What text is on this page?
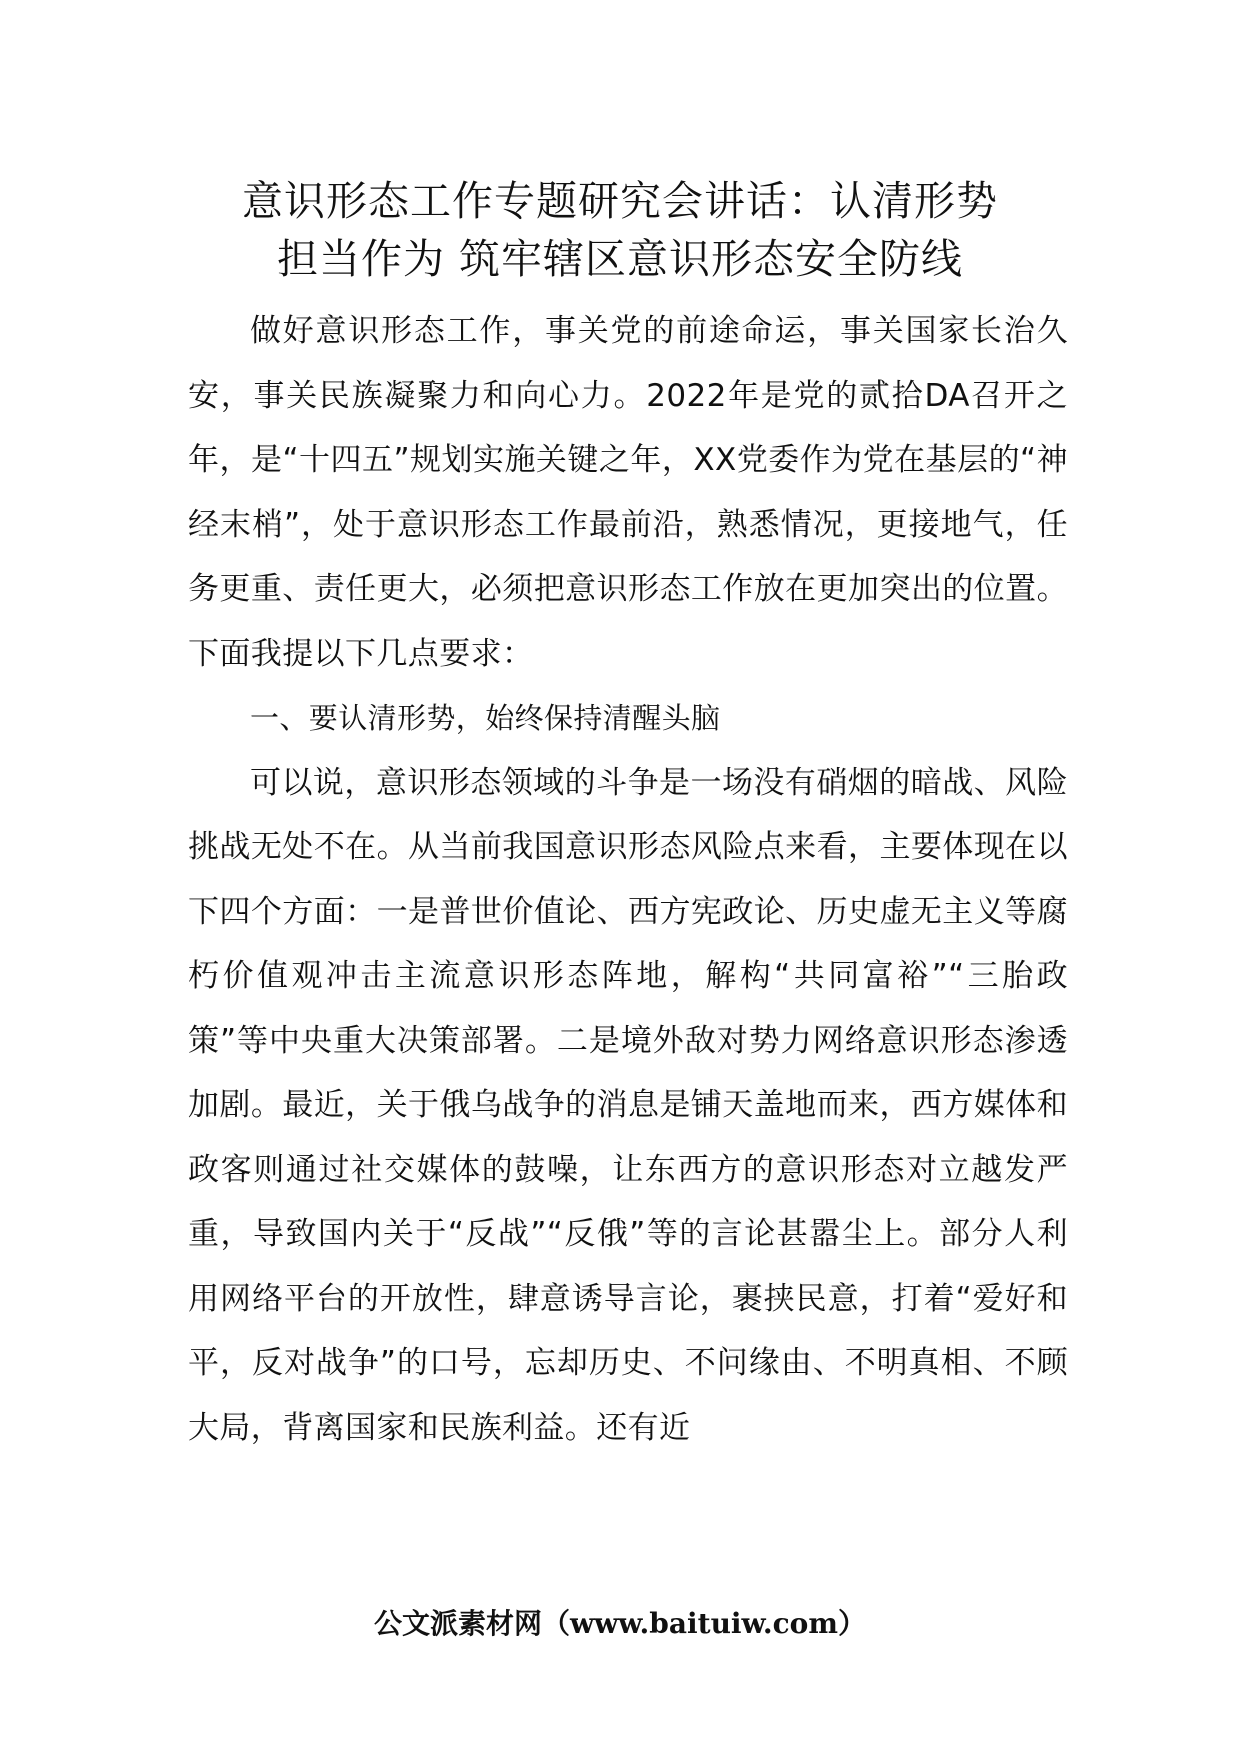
意识形态工作专题研究会讲话：认清形势
担当作为 筑牢辖区意识形态安全防线

做好意识形态工作，事关党的前途命运，事关国家长治久安，事关民族凝聚力和向心力。2022年是党的贰拾DA召开之年，是“十四五”规划实施关键之年，XX党委作为党在基层的“神经末梢”，处于意识形态工作最前沿，熟悉情况，更接地气，任务更重、责任更大，必须把意识形态工作放在更加突出的位置。下面我提以下几点要求：

一、要认清形势，始终保持清醒头脑

可以说，意识形态领域的斗争是一场没有硝烟的暗战、风险挑战无处不在。从当前我国意识形态风险点来看，主要体现在以下四个方面：一是普世价值论、西方宪政论、历史虚无主义等腐朽价值观冲击主流意识形态阵地，解构“共同富裕”“三胎政策”等中央重大决策部署。二是境外敌对势力网络意识形态渗透加剧。最近，关于俄乌战争的消息是铺天盖地而来，西方媒体和政客则通过社交媒体的鼓噪，让东西方的意识形态对立越发严重，导致国内关于“反战”“反俄”等的言论甚嚣尘上。部分人利用网络平台的开放性，肆意诱导言论，裹挟民意，打着“爱好和平，反对战争”的口号，忘却历史、不问缘由、不明真相、不顾大局，背离国家和民族利益。还有近

公文派素材网（www.baituiw.com）
